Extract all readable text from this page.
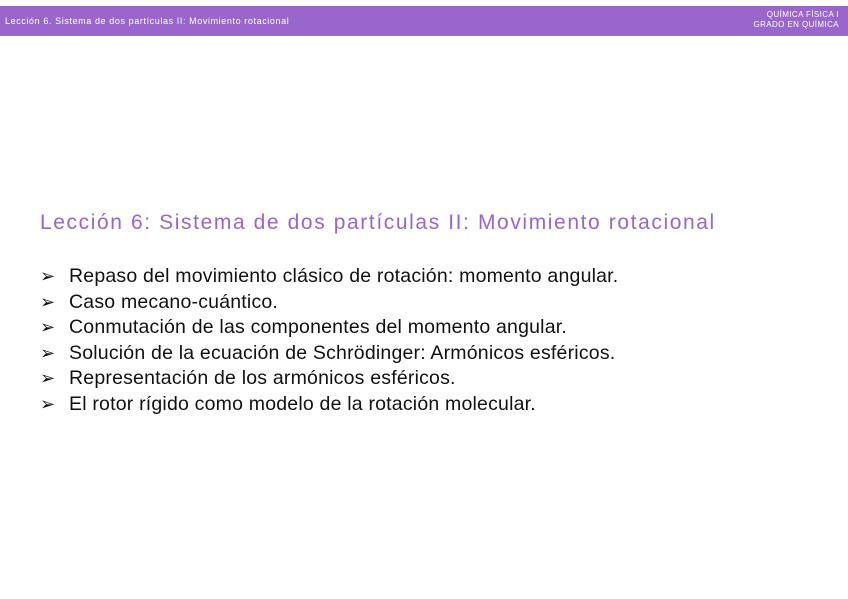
Lección 6. Sistema de dos partículas II: Movimiento rotacional
QUÍMICA FÍSICA I
GRADO EN QUÍMICA
Lección 6: Sistema de dos partículas II: Movimiento rotacional
➢ Repaso del movimiento clásico de rotación: momento angular.
➢ Caso mecano-cuántico.
➢ Conmutación de las componentes del momento angular.
➢ Solución de la ecuación de Schrödinger: Armónicos esféricos.
➢ Representación de los armónicos esféricos.
➢ El rotor rígido como modelo de la rotación molecular.
